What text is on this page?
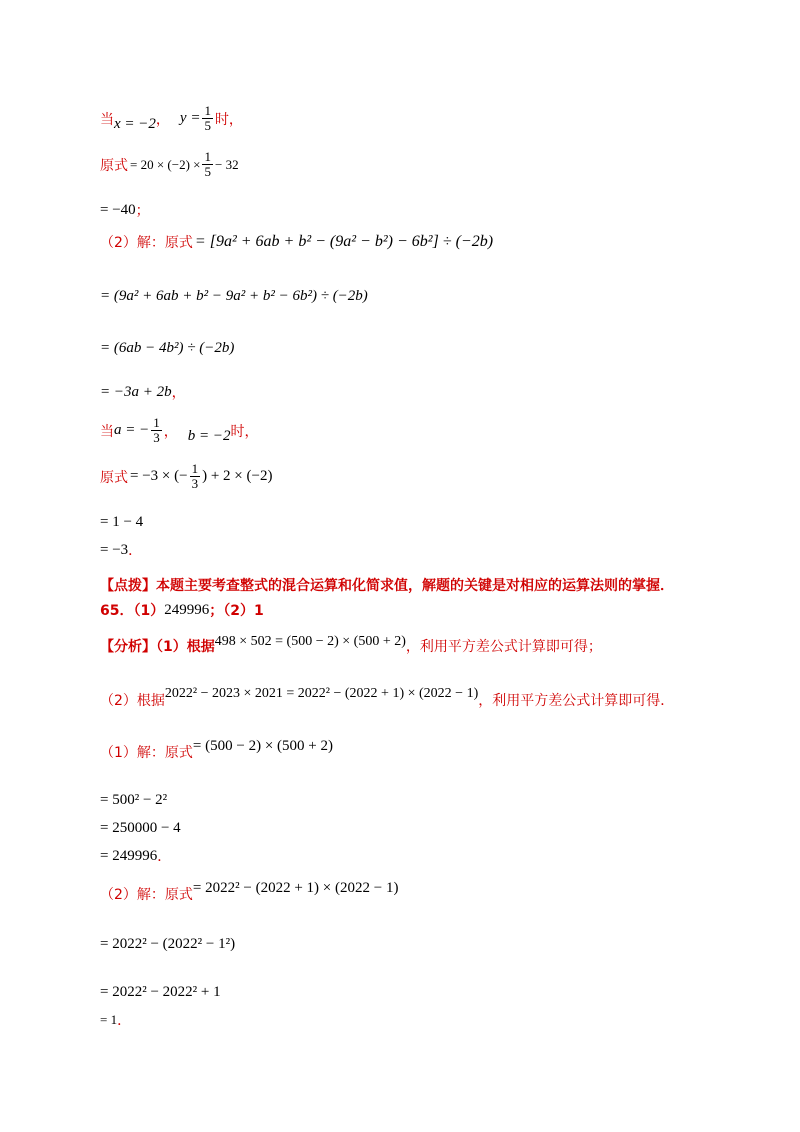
当 x = −2 ， $y = \frac{1}{5}$ 时，
原式 = $20 \times (-2) \times \frac{1}{5} - 32$
= −40 ；
（2）解：原式 = [9a² + 6ab + b² − (9a² − b²) − 6b²] ÷ (−2b)
= (9a² + 6ab + b² − 9a² + b² − 6b²) ÷ (−2b)
= (6ab − 4b²) ÷ (−2b)
= −3a + 2b ，
当 a = − $\frac{1}{3}$ ， b = −2 时，
原式 = −3 × (− $\frac{1}{3}$ ) + 2 × (−2)
= 1 − 4
= −3 ．
【点拨】本题主要考查整式的混合运算和化简求值，解题的关键是对相应的运算法则的掌握．
65．（1） 249996 ；（2）1
【分析】（1）根据 498 × 502 = (500 − 2) × (500 + 2) ，利用平方差公式计算即可得；
（2）根据 2022² − 2023 × 2021 = 2022² − (2022 + 1) × (2022 − 1) ，利用平方差公式计算即可得．
（1）解：原式 = (500 − 2) × (500 + 2)
= 500² − 2²
= 250000 − 4
= 249996 ．
（2）解：原式 = 2022² − (2022 + 1) × (2022 − 1)
= 2022² − (2022² − 1²)
= 2022² − 2022² + 1
= 1 ．
